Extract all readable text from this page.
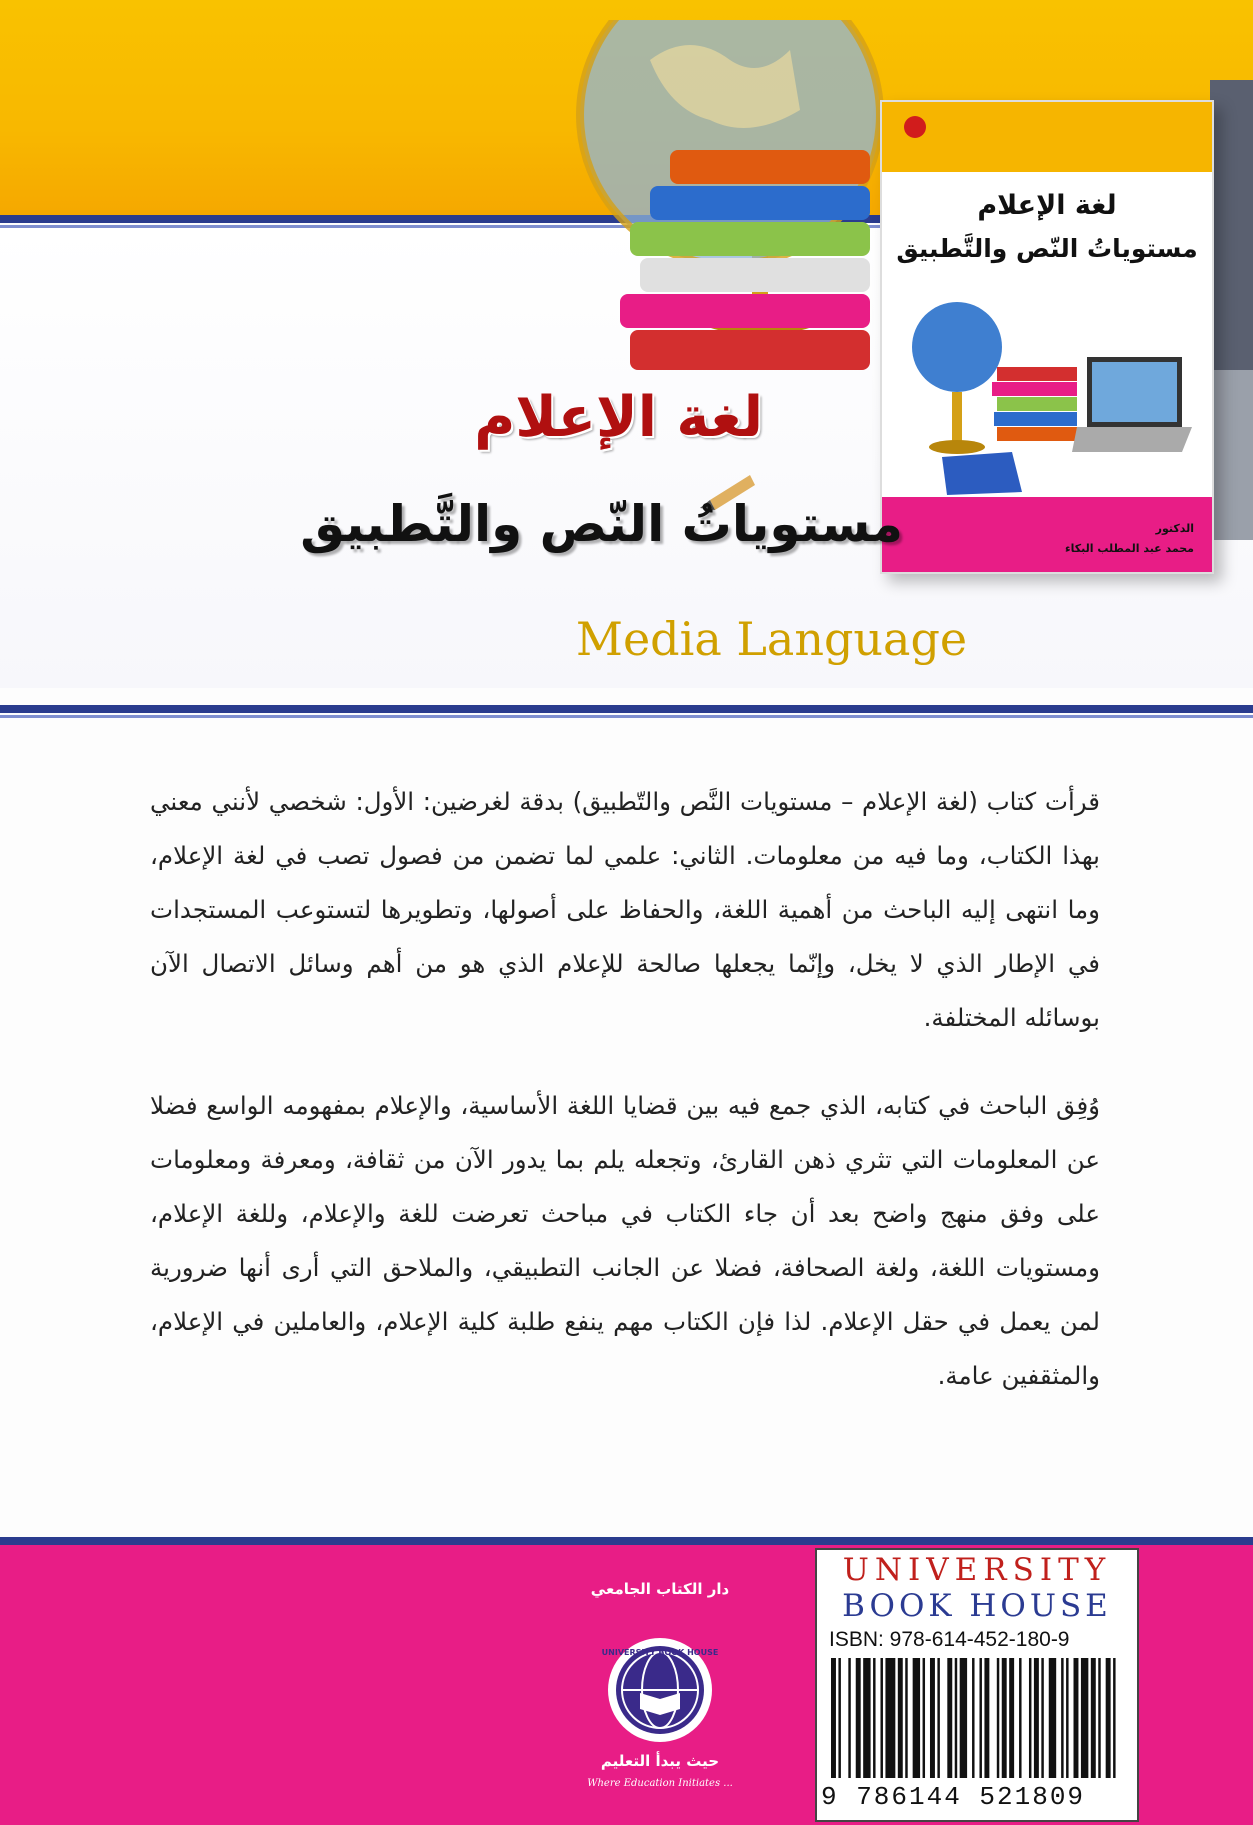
لغة الإعلام
مستوياتُ النّص والتَّطبيق
الدكتور
محمد عبد المطلب البكاء
لغة الإعلام
مستوياتُ النّص والتَّطبيق
Media Language

قرأت كتاب (لغة الإعلام – مستويات النَّص والتّطبيق) بدقة لغرضين: الأول: شخصي لأنني معني بهذا الكتاب، وما فيه من معلومات. الثاني: علمي لما تضمن من فصول تصب في لغة الإعلام، وما انتهى إليه الباحث من أهمية اللغة، والحفاظ على أصولها، وتطويرها لتستوعب المستجدات في الإطار الذي لا يخل، وإنّما يجعلها صالحة للإعلام الذي هو من أهم وسائل الاتصال الآن بوسائله المختلفة.

وُفِق الباحث في كتابه، الذي جمع فيه بين قضايا اللغة الأساسية، والإعلام بمفهومه الواسع فضلا عن المعلومات التي تثري ذهن القارئ، وتجعله يلم بما يدور الآن من ثقافة، ومعرفة ومعلومات على وفق منهج واضح بعد أن جاء الكتاب في مباحث تعرضت للغة والإعلام، وللغة الإعلام، ومستويات اللغة، ولغة الصحافة، فضلا عن الجانب التطبيقي، والملاحق التي أرى أنها ضرورية لمن يعمل في حقل الإعلام. لذا فإن الكتاب مهم ينفع طلبة كلية الإعلام، والعاملين في الإعلام، والمثقفين عامة.

دار الكتاب الجامعي
UNIVERSITY BOOK HOUSE
حيث يبدأ التعليم
Where Education Initiates ...
UNIVERSITY
BOOK HOUSE
ISBN: 978-614-452-180-9
9 786144 521809
